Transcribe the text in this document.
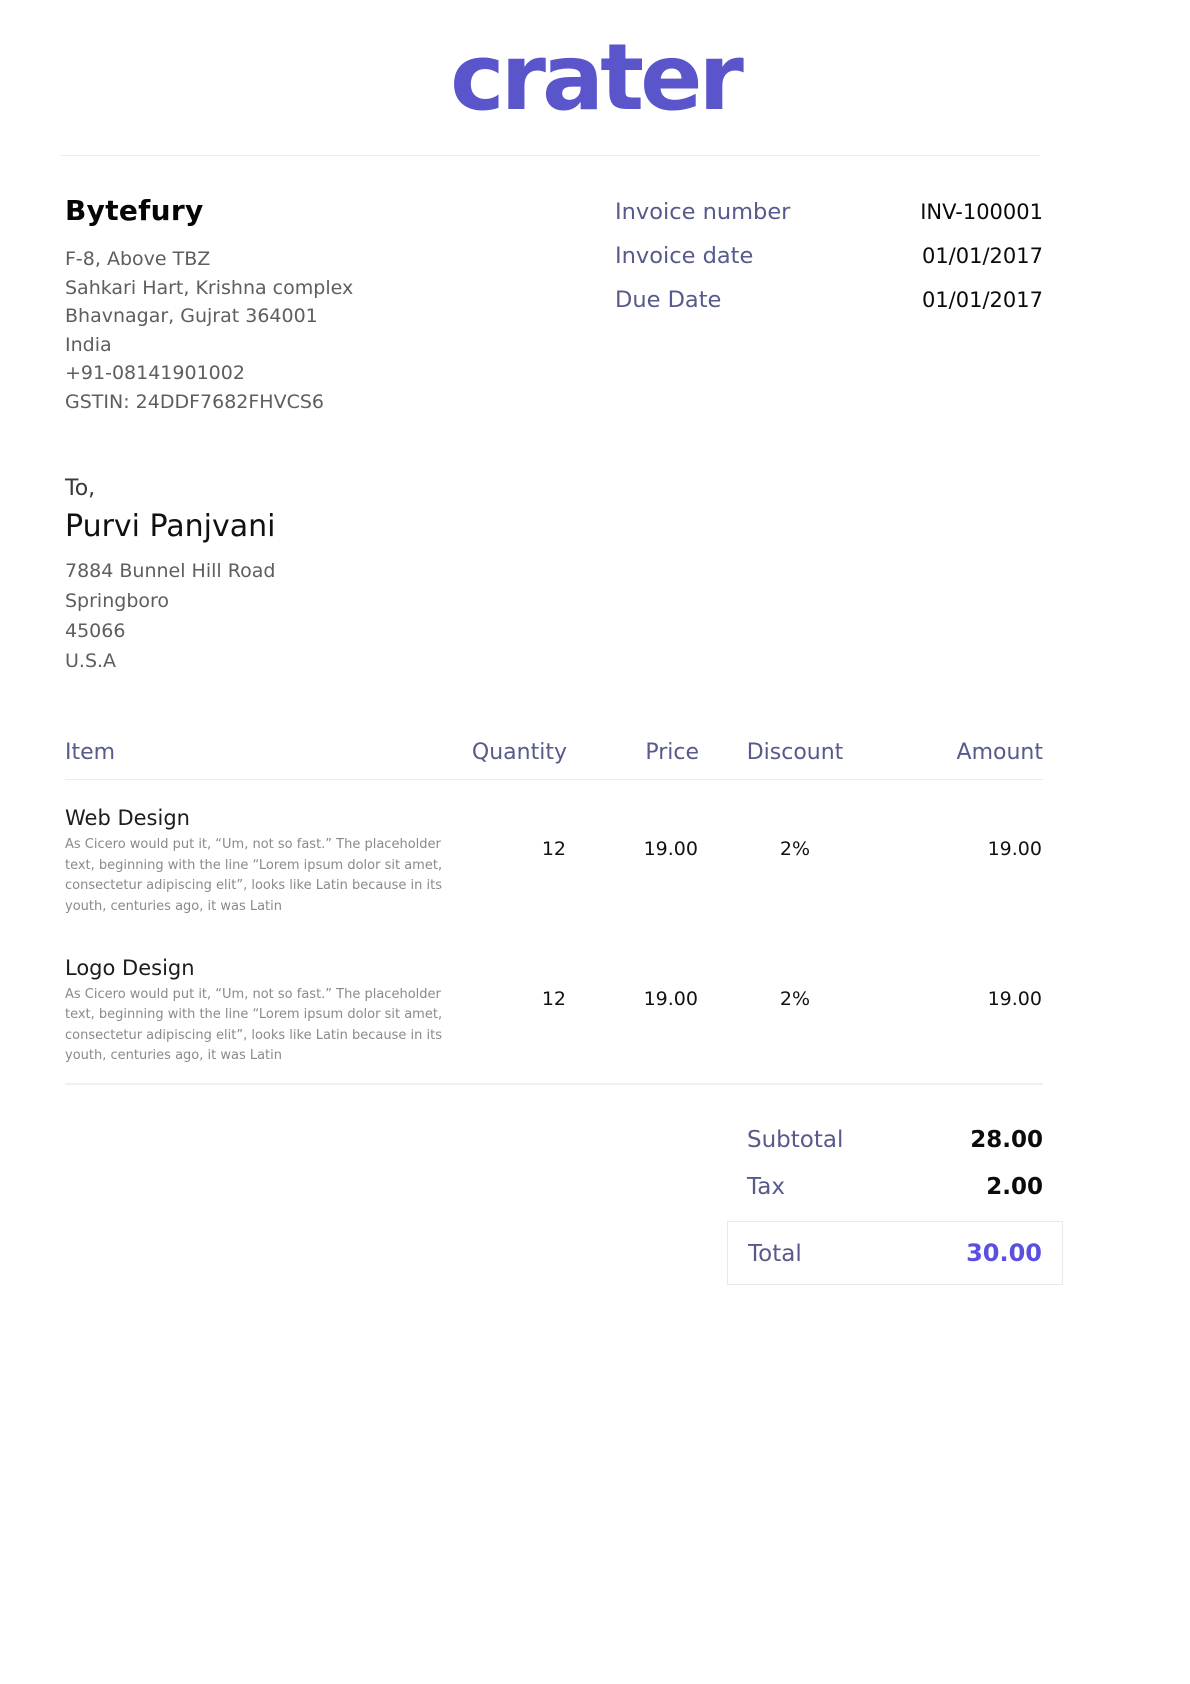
crater
Bytefury
F-8, Above TBZ
Sahkari Hart, Krishna complex
Bhavnagar, Gujrat 364001
India
+91-08141901002
GSTIN: 24DDF7682FHVCS6
Invoice number	INV-100001
Invoice date	01/01/2017
Due Date	01/01/2017
To,
Purvi Panjvani
7884 Bunnel Hill Road
Springboro
45066
U.S.A
Item	Quantity	Price	Discount	Amount

Web Design
As Cicero would put it, “Um, not so fast.” The placeholder text, beginning with the line “Lorem ipsum dolor sit amet, consectetur adipiscing elit”, looks like Latin because in its youth, centuries ago, it was Latin	12	19.00	2%	19.00

Logo Design
As Cicero would put it, “Um, not so fast.” The placeholder text, beginning with the line “Lorem ipsum dolor sit amet, consectetur adipiscing elit”, looks like Latin because in its youth, centuries ago, it was Latin	12	19.00	2%	19.00
Subtotal	28.00
Tax	2.00
Total	30.00
